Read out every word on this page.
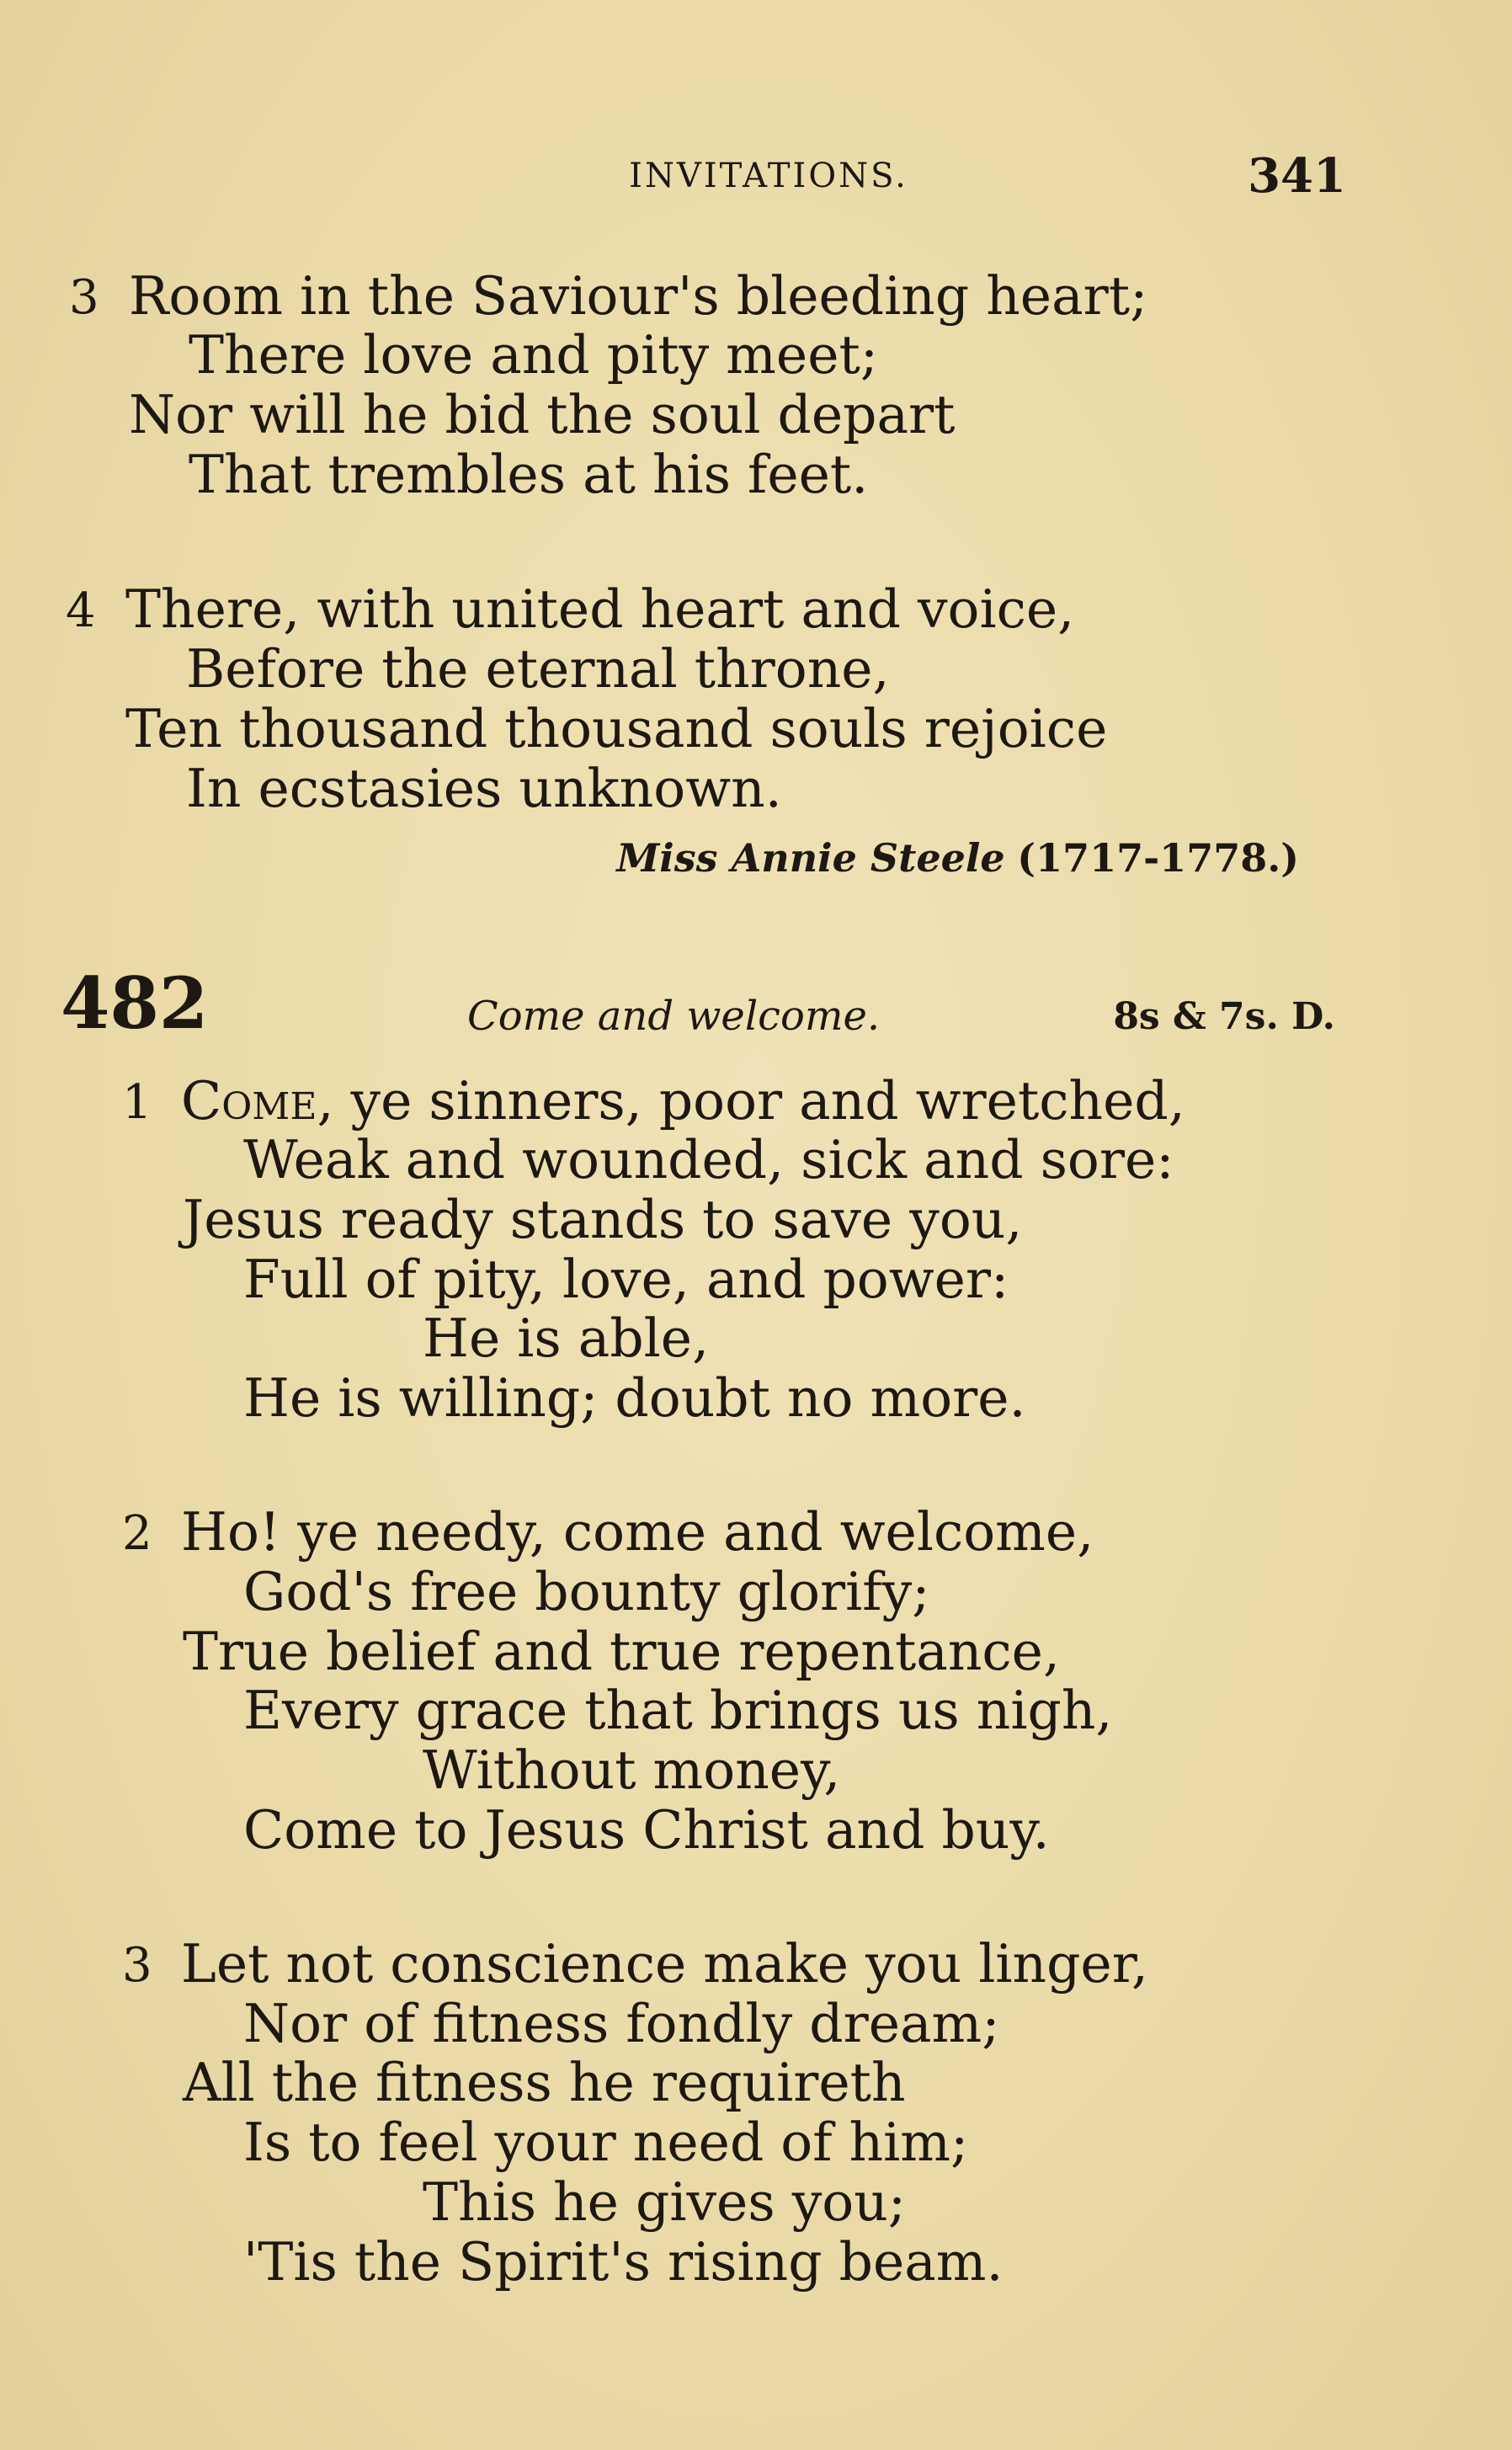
INVITATIONS.	341
3 Room in the Saviour's bleeding heart;
There love and pity meet;
Nor will he bid the soul depart
That trembles at his feet.
4 There, with united heart and voice,
Before the eternal throne,
Ten thousand thousand souls rejoice
In ecstasies unknown.
Miss Annie Steele (1717-1778.)
482	Come and welcome.	8s & 7s. D.
1 Come, ye sinners, poor and wretched,
Weak and wounded, sick and sore:
Jesus ready stands to save you,
Full of pity, love, and power:
He is able,
He is willing; doubt no more.
2 Ho! ye needy, come and welcome,
God's free bounty glorify;
True belief and true repentance,
Every grace that brings us nigh,
Without money,
Come to Jesus Christ and buy.
3 Let not conscience make you linger,
Nor of fitness fondly dream;
All the fitness he requireth
Is to feel your need of him;
This he gives you;
'Tis the Spirit's rising beam.
